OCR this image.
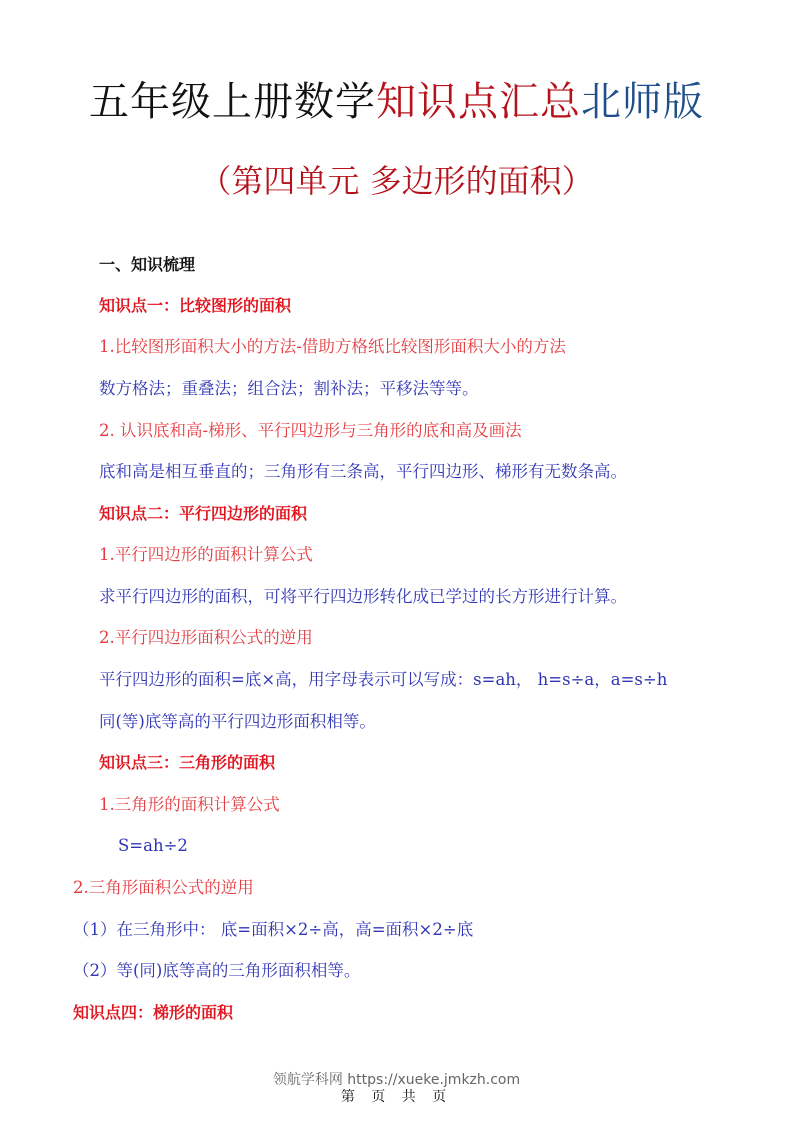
五年级上册数学知识点汇总北师版
（第四单元 多边形的面积）
一、知识梳理
知识点一：比较图形的面积
1.比较图形面积大小的方法-借助方格纸比较图形面积大小的方法
数方格法；重叠法；组合法；割补法；平移法等等。
2. 认识底和高-梯形、平行四边形与三角形的底和高及画法
底和高是相互垂直的；三角形有三条高，平行四边形、梯形有无数条高。
知识点二：平行四边形的面积
1.平行四边形的面积计算公式
求平行四边形的面积，可将平行四边形转化成已学过的长方形进行计算。
2.平行四边形面积公式的逆用
平行四边形的面积=底×高，用字母表示可以写成：s=ah， h=s÷a，a=s÷h
同(等)底等高的平行四边形面积相等。
知识点三：三角形的面积
1.三角形的面积计算公式
S=ah÷2
2.三角形面积公式的逆用
（1）在三角形中： 底=面积×2÷高，高=面积×2÷底
（2）等(同)底等高的三角形面积相等。
知识点四：梯形的面积
领航学科网 https://xueke.jmkzh.com
第 页 共 页
